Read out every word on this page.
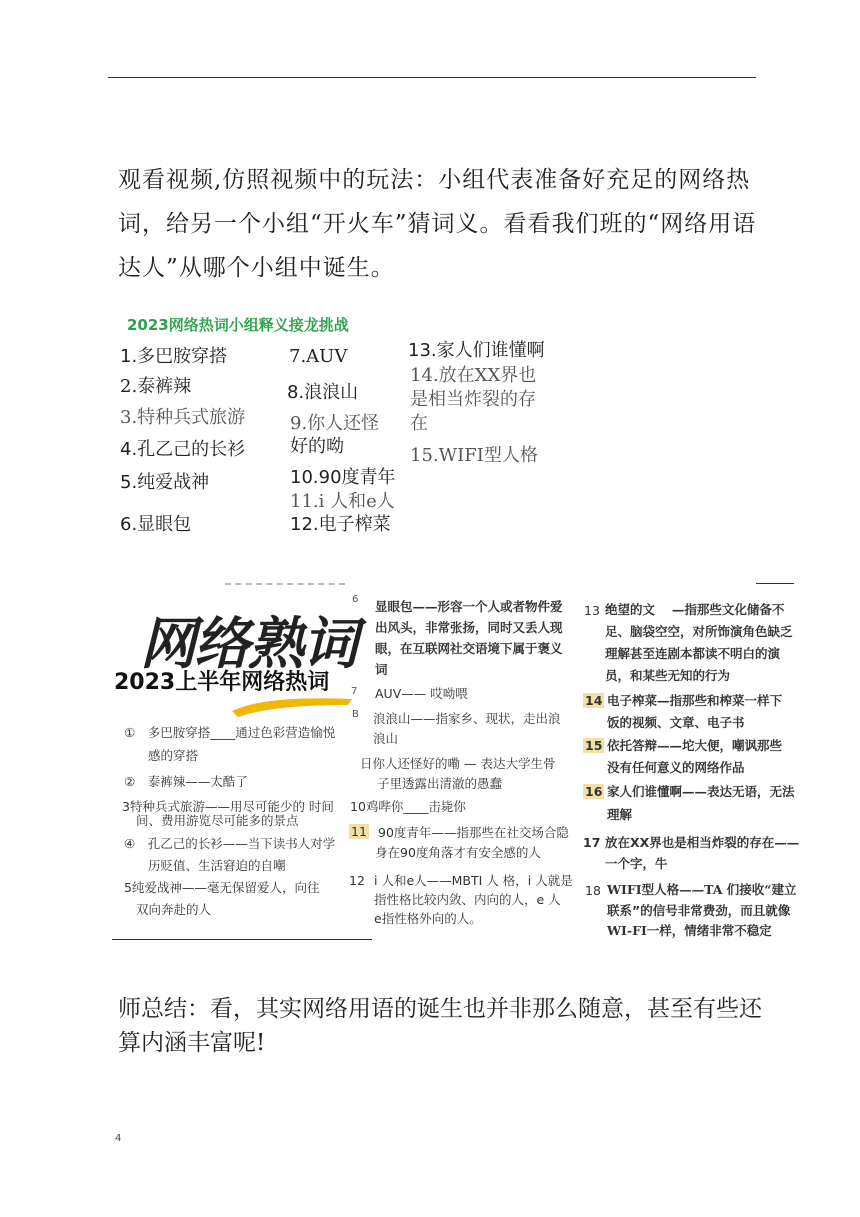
观看视频,仿照视频中的玩法：小组代表准备好充足的网络热词，给另一个小组“开火车”猜词义。看看我们班的“网络用语达人”从哪个小组中诞生。
2023网络热词小组释义接龙挑战
1.多巴胺穿搭
2.泰裤辣
3.特种兵式旅游
4.孔乙己的长衫
5.纯爱战神
6.显眼包
7.AUV
8.浪浪山
9.你人还怪
好的呦
10.90度青年
11.i 人和e人
12.电子榨菜
13.家人们谁懂啊
14.放在XX界也
是相当炸裂的存
在
15.WIFI型人格
网络熟词
2023上半年网络热词
①　多巴胺穿搭____通过色彩营造愉悦
感的穿搭
②　泰裤辣——太酷了
3特种兵式旅游——用尽可能少的 时间
间、费用游览尽可能多的景点
④　孔乙己的长衫——当下读书人对学
历贬值、生活窘迫的自嘲
5纯爱战神——毫无保留爱人，向往
双向奔赴的人
6 显眼包——形容一个人或者物件爱
出风头，非常张扬，同时又丢人现
眼，在互联网社交语境下属于褒义
词
7 AUV—— 哎呦喂
B 浪浪山——指家乡、现状，走出浪
浪山
日你人还怪好的嘞 — 表达大学生骨
子里透露出清澈的愚蠢
10鸡哔你____击毙你
11 90度青年——指那些在社交场合隐
身在90度角落才有安全感的人
12 i 人和e人——MBTI 人 格，i 人就是
指性格比较内敛、内向的人，e 人
e指性格外向的人。
13 绝望的文　 —指那些文化储备不
足、脑袋空空，对所饰演角色缺乏
理解甚至连剧本都读不明白的演
员，和某些无知的行为
14 电子榨菜—指那些和榨菜一样下
饭的视频、文章、电子书
15 依托答辩——坨大便，嘲讽那些
没有任何意义的网络作品
16 家人们谁懂啊——表达无语，无法
理解
17 放在XX界也是相当炸裂的存在——
一个字，牛
18 WIFI型人格——TA 们接收“建立
联系”的信号非常费劲，而且就像
WI-FI一样，情绪非常不稳定
师总结：看，其实网络用语的诞生也并非那么随意，甚至有些还算内涵丰富呢!
4
